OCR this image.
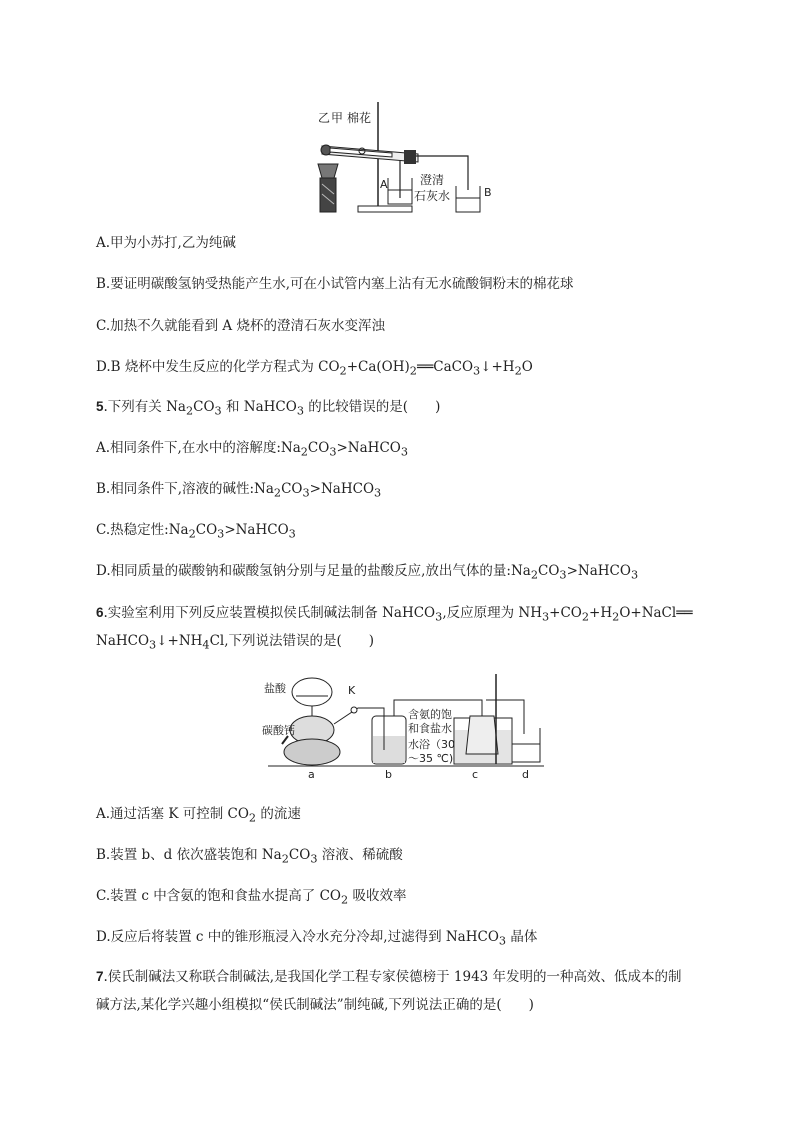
乙 甲 棉花
A	澄清
石灰水	B
A.甲为小苏打,乙为纯碱
B.要证明碳酸氢钠受热能产生水,可在小试管内塞上沾有无水硫酸铜粉末的棉花球
C.加热不久就能看到 A 烧杯的澄清石灰水变浑浊
D.B 烧杯中发生反应的化学方程式为 $CO_2+Ca(OH)_2══CaCO_3↓+H_2O$
5.下列有关 $Na_2CO_3$ 和 NaHCO$_3$ 的比较错误的是(　　)
A.相同条件下,在水中的溶解度$:Na_2CO_3>NaHCO_3$
B.相同条件下,溶液的碱性$:Na_2CO_3>NaHCO_3$
C.热稳定性$:Na_2CO_3>NaHCO_3$
D.相同质量的碳酸钠和碳酸氢钠分别与足量的盐酸反应,放出气体的量$:Na_2CO_3>NaHCO_3$
6.实验室利用下列反应装置模拟侯氏制碱法制备 NaHCO$_3$,反应原理为 $NH_3+CO_2+H_2O+NaCl══$
$NaHCO_3↓+NH_4Cl$,下列说法错误的是(　　)
盐酸	K
碳酸钙
含氨的饱
和食盐水
水浴（30
～35 ℃)
a	b	c	d
A.通过活塞 K 可控制 $CO_2$ 的流速
B.装置 b、d 依次盛装饱和 $Na_2CO_3$ 溶液、稀硫酸
C.装置 c 中含氨的饱和食盐水提高了 $CO_2$ 吸收效率
D.反应后将装置 c 中的锥形瓶浸入冷水充分冷却,过滤得到 NaHCO$_3$ 晶体
7.侯氏制碱法又称联合制碱法,是我国化学工程专家侯德榜于 1943 年发明的一种高效、低成本的制
碱方法,某化学兴趣小组模拟“侯氏制碱法”制纯碱,下列说法正确的是(　　)
